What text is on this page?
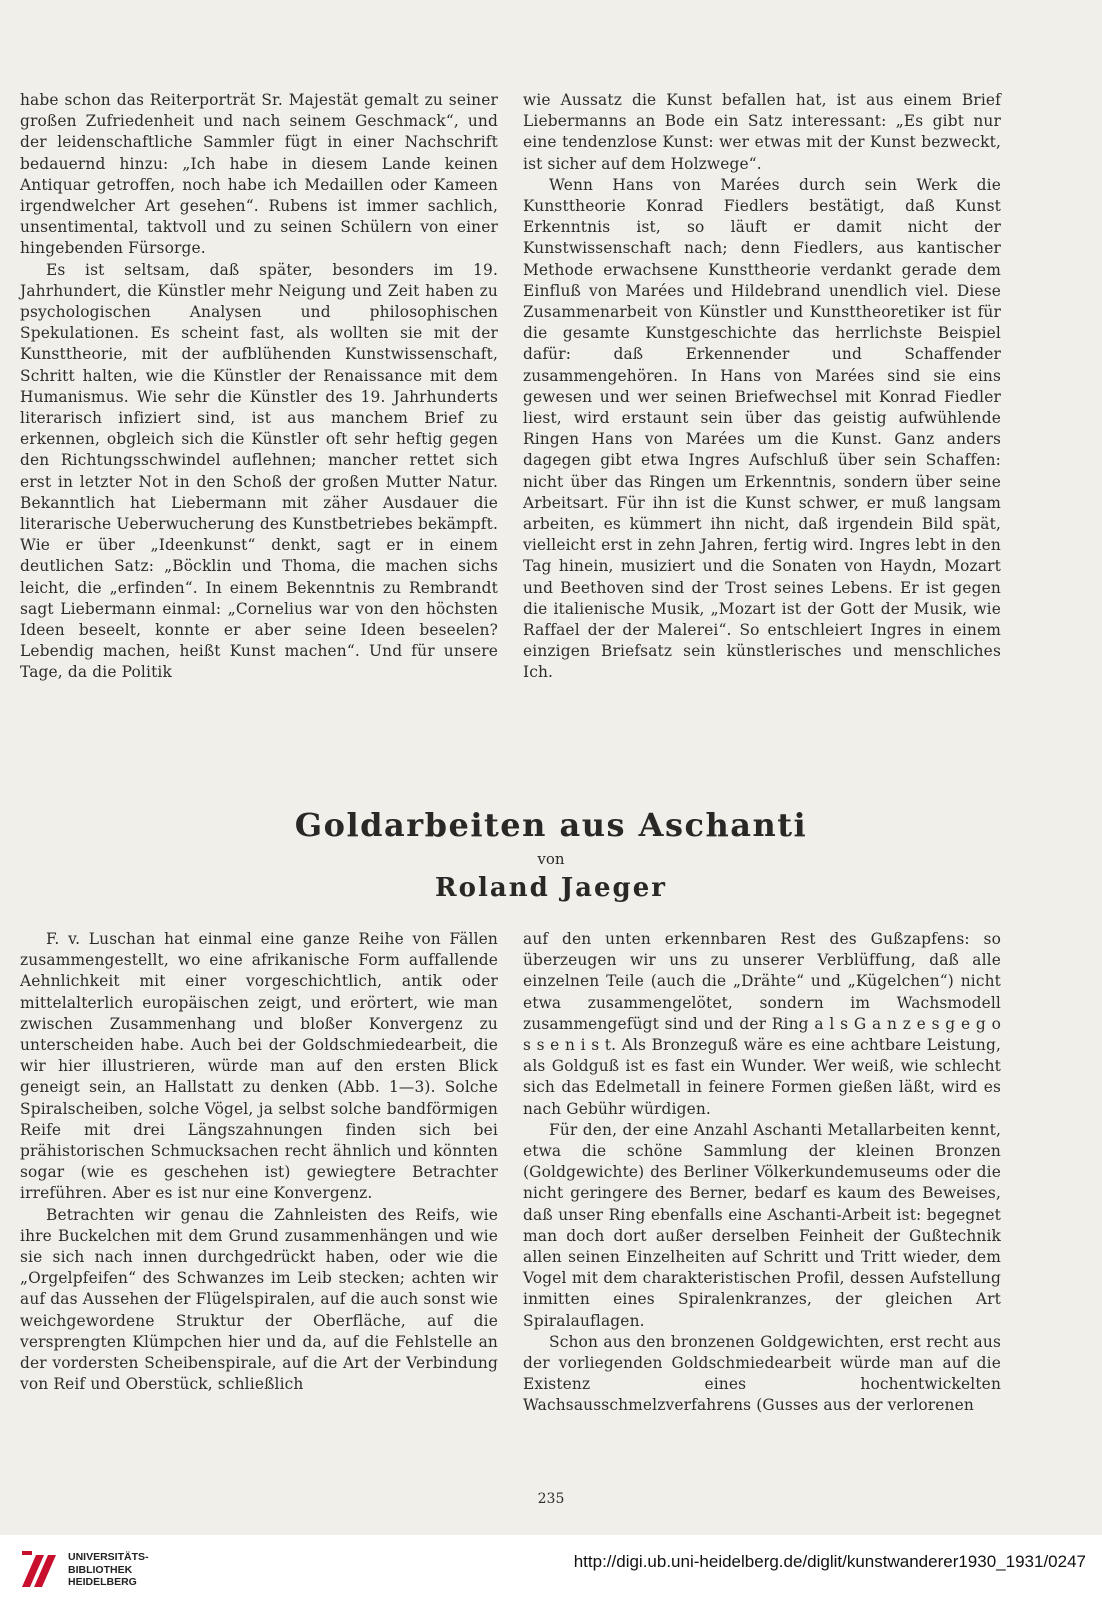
habe schon das Reiterporträt Sr. Majestät gemalt zu seiner großen Zufriedenheit und nach seinem Geschmack“, und der leidenschaftliche Sammler fügt in einer Nachschrift bedauernd hinzu: „Ich habe in diesem Lande keinen Antiquar getroffen, noch habe ich Medaillen oder Kameen irgendwelcher Art gesehen“. Rubens ist immer sachlich, unsentimental, taktvoll und zu seinen Schülern von einer hingebenden Fürsorge.

Es ist seltsam, daß später, besonders im 19. Jahrhundert, die Künstler mehr Neigung und Zeit haben zu psychologischen Analysen und philosophischen Spekulationen. Es scheint fast, als wollten sie mit der Kunsttheorie, mit der aufblühenden Kunstwissenschaft, Schritt halten, wie die Künstler der Renaissance mit dem Humanismus. Wie sehr die Künstler des 19. Jahrhunderts literarisch infiziert sind, ist aus manchem Brief zu erkennen, obgleich sich die Künstler oft sehr heftig gegen den Richtungsschwindel auflehnen; mancher rettet sich erst in letzter Not in den Schoß der großen Mutter Natur. Bekanntlich hat Liebermann mit zäher Ausdauer die literarische Ueberwucherung des Kunstbetriebes bekämpft. Wie er über „Ideenkunst“ denkt, sagt er in einem deutlichen Satz: „Böcklin und Thoma, die machen sichs leicht, die „erfinden“. In einem Bekenntnis zu Rembrandt sagt Liebermann einmal: „Cornelius war von den höchsten Ideen beseelt, konnte er aber seine Ideen beseelen? Lebendig machen, heißt Kunst machen“. Und für unsere Tage, da die Politik

wie Aussatz die Kunst befallen hat, ist aus einem Brief Liebermanns an Bode ein Satz interessant: „Es gibt nur eine tendenzlose Kunst: wer etwas mit der Kunst bezweckt, ist sicher auf dem Holzwege“.

Wenn Hans von Marées durch sein Werk die Kunsttheorie Konrad Fiedlers bestätigt, daß Kunst Erkenntnis ist, so läuft er damit nicht der Kunstwissenschaft nach; denn Fiedlers, aus kantischer Methode erwachsene Kunsttheorie verdankt gerade dem Einfluß von Marées und Hildebrand unendlich viel. Diese Zusammenarbeit von Künstler und Kunsttheoretiker ist für die gesamte Kunstgeschichte das herrlichste Beispiel dafür: daß Erkennender und Schaffender zusammengehören. In Hans von Marées sind sie eins gewesen und wer seinen Briefwechsel mit Konrad Fiedler liest, wird erstaunt sein über das geistig aufwühlende Ringen Hans von Marées um die Kunst. Ganz anders dagegen gibt etwa Ingres Aufschluß über sein Schaffen: nicht über das Ringen um Erkenntnis, sondern über seine Arbeitsart. Für ihn ist die Kunst schwer, er muß langsam arbeiten, es kümmert ihn nicht, daß irgendein Bild spät, vielleicht erst in zehn Jahren, fertig wird. Ingres lebt in den Tag hinein, musiziert und die Sonaten von Haydn, Mozart und Beethoven sind der Trost seines Lebens. Er ist gegen die italienische Musik, „Mozart ist der Gott der Musik, wie Raffael der der Malerei“. So entschleiert Ingres in einem einzigen Briefsatz sein künstlerisches und menschliches Ich.

Goldarbeiten aus Aschanti
von
Roland Jaeger

F. v. Luschan hat einmal eine ganze Reihe von Fällen zusammengestellt, wo eine afrikanische Form auffallende Aehnlichkeit mit einer vorgeschichtlich, antik oder mittelalterlich europäischen zeigt, und erörtert, wie man zwischen Zusammenhang und bloßer Konvergenz zu unterscheiden habe. Auch bei der Goldschmiedearbeit, die wir hier illustrieren, würde man auf den ersten Blick geneigt sein, an Hallstatt zu denken (Abb. 1—3). Solche Spiralscheiben, solche Vögel, ja selbst solche bandförmigen Reife mit drei Längszahnungen finden sich bei prähistorischen Schmucksachen recht ähnlich und könnten sogar (wie es geschehen ist) gewiegtere Betrachter irreführen. Aber es ist nur eine Konvergenz.

Betrachten wir genau die Zahnleisten des Reifs, wie ihre Buckelchen mit dem Grund zusammenhängen und wie sie sich nach innen durchgedrückt haben, oder wie die „Orgelpfeifen“ des Schwanzes im Leib stecken; achten wir auf das Aussehen der Flügelspiralen, auf die auch sonst wie weichgewordene Struktur der Oberfläche, auf die versprengten Klümpchen hier und da, auf die Fehlstelle an der vordersten Scheibenspirale, auf die Art der Verbindung von Reif und Oberstück, schließlich

auf den unten erkennbaren Rest des Gußzapfens: so überzeugen wir uns zu unserer Verblüffung, daß alle einzelnen Teile (auch die „Drähte“ und „Kügelchen“) nicht etwa zusammengelötet, sondern im Wachsmodell zusammengefügt sind und der Ring a l s G a n z e s g e g o s s e n i s t. Als Bronzeguß wäre es eine achtbare Leistung, als Goldguß ist es fast ein Wunder. Wer weiß, wie schlecht sich das Edelmetall in feinere Formen gießen läßt, wird es nach Gebühr würdigen.

Für den, der eine Anzahl Aschanti Metallarbeiten kennt, etwa die schöne Sammlung der kleinen Bronzen (Goldgewichte) des Berliner Völkerkundemuseums oder die nicht geringere des Berner, bedarf es kaum des Beweises, daß unser Ring ebenfalls eine Aschanti-Arbeit ist: begegnet man doch dort außer derselben Feinheit der Gußtechnik allen seinen Einzelheiten auf Schritt und Tritt wieder, dem Vogel mit dem charakteristischen Profil, dessen Aufstellung inmitten eines Spiralenkranzes, der gleichen Art Spiralauflagen.

Schon aus den bronzenen Goldgewichten, erst recht aus der vorliegenden Goldschmiedearbeit würde man auf die Existenz eines hochentwickelten Wachsausschmelzverfahrens (Gusses aus der verlorenen

235
UNIVERSITÄTS-
BIBLIOTHEK
HEIDELBERG
http://digi.ub.uni-heidelberg.de/diglit/kunstwanderer1930_1931/0247
